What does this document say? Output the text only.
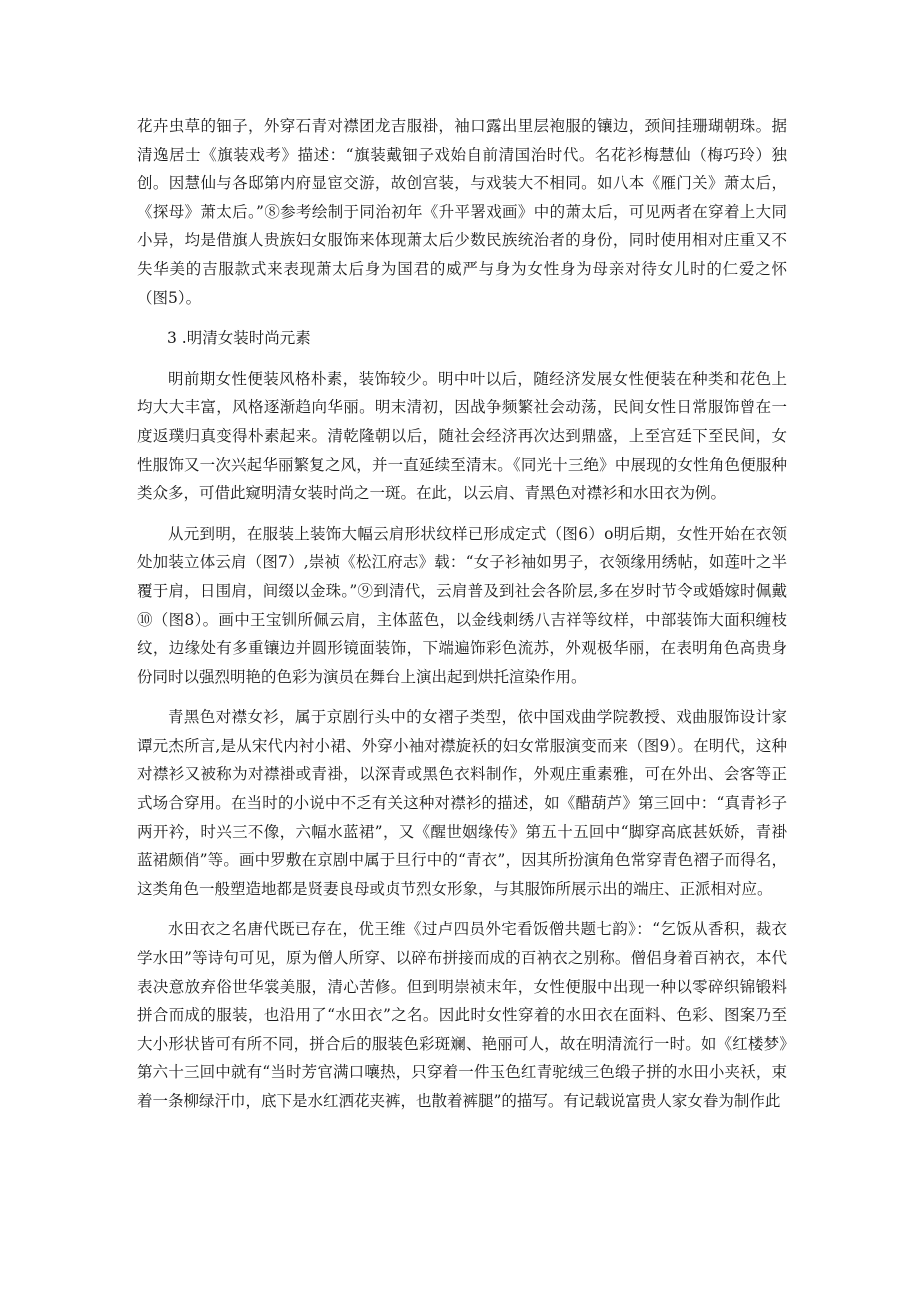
花卉虫草的钿子，外穿石青对襟团龙吉服褂，袖口露出里层袍服的镶边，颈间挂珊瑚朝珠。据清逸居士《旗装戏考》描述：“旗装戴钿子戏始自前清国治时代。名花衫梅慧仙（梅巧玲）独创。因慧仙与各邸第内府显宦交游，故创宫装，与戏装大不相同。如八本《雁门关》萧太后，《探母》萧太后。”⑧参考绘制于同治初年《升平署戏画》中的萧太后，可见两者在穿着上大同小异，均是借旗人贵族妇女服饰来体现萧太后少数民族统治者的身份，同时使用相对庄重又不失华美的吉服款式来表现萧太后身为国君的威严与身为女性身为母亲对待女儿时的仁爱之怀（图5）。

3 .明清女装时尚元素

明前期女性便装风格朴素，装饰较少。明中叶以后，随经济发展女性便装在种类和花色上均大大丰富，风格逐渐趋向华丽。明末清初，因战争频繁社会动荡，民间女性日常服饰曾在一度返璞归真变得朴素起来。清乾隆朝以后，随社会经济再次达到鼎盛，上至宫廷下至民间，女性服饰又一次兴起华丽繁复之风，并一直延续至清末。《同光十三绝》中展现的女性角色便服种类众多，可借此窥明清女装时尚之一斑。在此，以云肩、青黑色对襟衫和水田衣为例。

从元到明，在服装上装饰大幅云肩形状纹样已形成定式（图6）o明后期，女性开始在衣领处加装立体云肩（图7）,崇祯《松江府志》载：“女子衫袖如男子，衣领缘用绣帖，如莲叶之半覆于肩，日围肩，间缀以金珠。”⑨到清代，云肩普及到社会各阶层,多在岁时节令或婚嫁时佩戴⑩（图8）。画中王宝钏所佩云肩，主体蓝色，以金线刺绣八吉祥等纹样，中部装饰大面积缠枝纹，边缘处有多重镶边并圆形镜面装饰，下端遍饰彩色流苏，外观极华丽，在表明角色高贵身份同时以强烈明艳的色彩为演员在舞台上演出起到烘托渲染作用。

青黑色对襟女衫，属于京剧行头中的女褶子类型，依中国戏曲学院教授、戏曲服饰设计家谭元杰所言,是从宋代内衬小裙、外穿小袖对襟旋袄的妇女常服演变而来（图9）。在明代，这种对襟衫又被称为对襟褂或青褂，以深青或黑色衣料制作，外观庄重素雅，可在外出、会客等正式场合穿用。在当时的小说中不乏有关这种对襟衫的描述，如《醋葫芦》第三回中：“真青衫子两开衿，时兴三不像，六幅水蓝裙”，又《醒世姻缘传》第五十五回中“脚穿高底甚妖娇，青褂蓝裙颇俏”等。画中罗敷在京剧中属于旦行中的“青衣”，因其所扮演角色常穿青色褶子而得名，这类角色一般塑造地都是贤妻良母或贞节烈女形象，与其服饰所展示出的端庄、正派相对应。

水田衣之名唐代既已存在，优王维《过卢四员外宅看饭僧共题七韵》：“乞饭从香积，裁衣学水田”等诗句可见，原为僧人所穿、以碎布拼接而成的百衲衣之别称。僧侣身着百衲衣，本代表决意放弃俗世华裳美服，清心苦修。但到明崇祯末年，女性便服中出现一种以零碎织锦锻料拼合而成的服装，也沿用了“水田衣”之名。因此时女性穿着的水田衣在面料、色彩、图案乃至大小形状皆可有所不同，拼合后的服装色彩斑斓、艳丽可人，故在明清流行一时。如《红楼梦》第六十三回中就有“当时芳官满口嚷热，只穿着一件玉色红青驼绒三色缎子拼的水田小夹袄，束着一条柳绿汗巾，底下是水红洒花夹裤，也散着裤腿”的描写。有记载说富贵人家女眷为制作此
